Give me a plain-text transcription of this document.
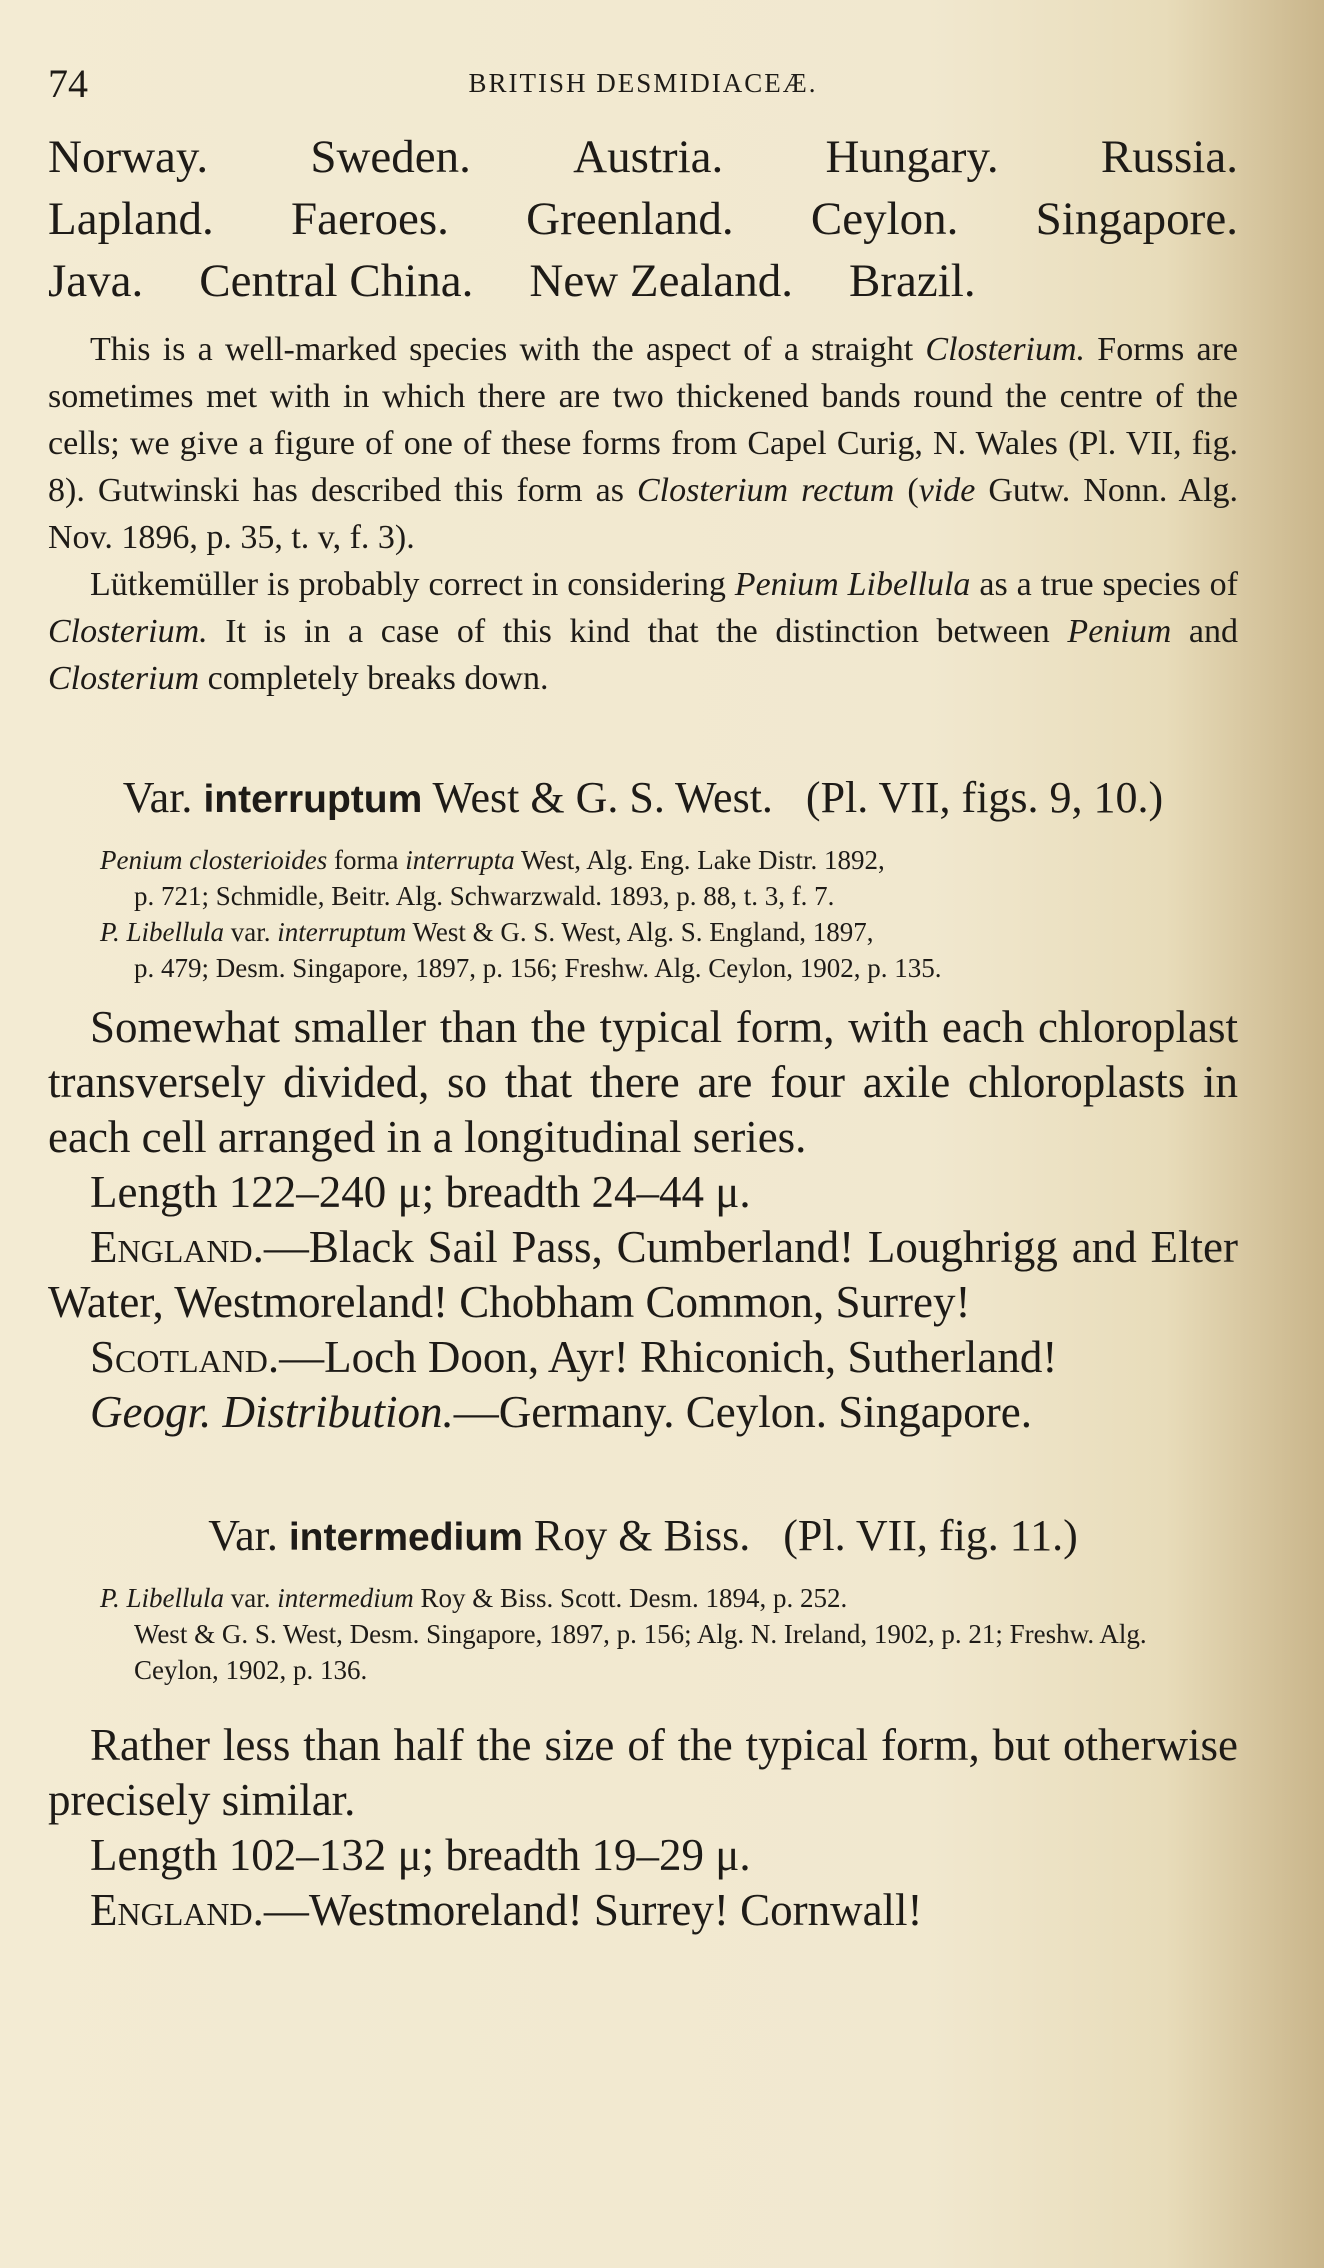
74	BRITISH DESMIDIACEÆ.
Norway. Sweden. Austria. Hungary. Russia.
Lapland. Faeroes. Greenland. Ceylon. Singapore.
Java. Central China. New Zealand. Brazil.

This is a well-marked species with the aspect of a straight Closterium. Forms are sometimes met with in which there are two thickened bands round the centre of the cells; we give a figure of one of these forms from Capel Curig, N. Wales (Pl. VII, fig. 8). Gutwinski has described this form as Closterium rectum (vide Gutw. Nonn. Alg. Nov. 1896, p. 35, t. v, f. 3).

Lütkemüller is probably correct in considering Penium Libellula as a true species of Closterium. It is in a case of this kind that the distinction between Penium and Closterium completely breaks down.

Var. interruptum West & G. S. West. (Pl. VII, figs. 9, 10.)

Penium closterioides forma interrupta West, Alg. Eng. Lake Distr. 1892,
p. 721; Schmidle, Beitr. Alg. Schwarzwald. 1893, p. 88, t. 3, f. 7.
P. Libellula var. interruptum West & G. S. West, Alg. S. England, 1897,
p. 479; Desm. Singapore, 1897, p. 156; Freshw. Alg. Ceylon, 1902, p. 135.

Somewhat smaller than the typical form, with each chloroplast transversely divided, so that there are four axile chloroplasts in each cell arranged in a longitudinal series.

Length 122–240 μ; breadth 24–44 μ.

England.—Black Sail Pass, Cumberland! Loughrigg and Elter Water, Westmoreland! Chobham Common, Surrey!

Scotland.—Loch Doon, Ayr! Rhiconich, Sutherland!

Geogr. Distribution.—Germany. Ceylon. Singapore.

Var. intermedium Roy & Biss. (Pl. VII, fig. 11.)

P. Libellula var. intermedium Roy & Biss. Scott. Desm. 1894, p. 252.
West & G. S. West, Desm. Singapore, 1897, p. 156; Alg. N. Ireland, 1902, p. 21; Freshw. Alg. Ceylon, 1902, p. 136.

Rather less than half the size of the typical form, but otherwise precisely similar.

Length 102–132 μ; breadth 19–29 μ.

England.—Westmoreland! Surrey! Cornwall!
